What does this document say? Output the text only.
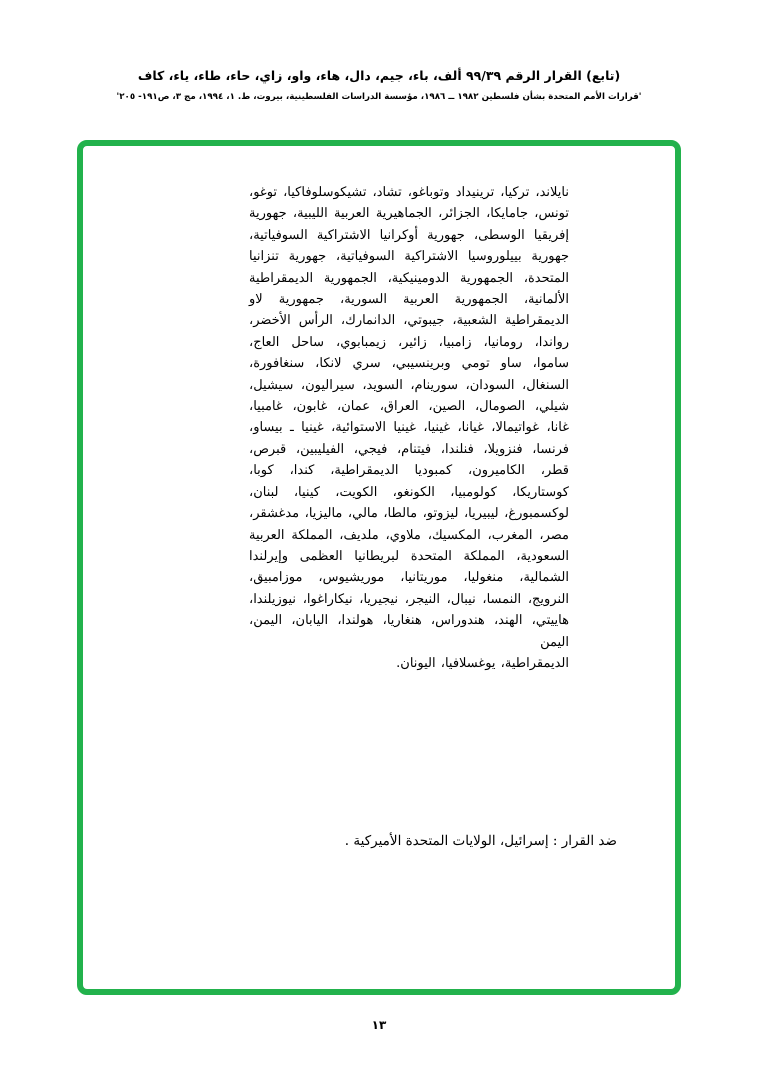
(تابع) القرار الرقم ٩٩/٣٩ ألف، باء، جيم، دال، هاء، واو، زاي، حاء، طاء، ياء، كاف
'قرارات الأمم المتحدة بشأن فلسطين ١٩٨٢ ــ ١٩٨٦، مؤسسة الدراسات الفلسطينية، بيروت، ط. ١، ١٩٩٤، مج ٣، ص١٩١- ٢٠٥'

نايلاند، تركيا، ترينيداد وتوباغو، تشاد، تشيكوسلوفاكيا، توغو، تونس، جامايكا، الجزائر، الجماهيرية العربية الليبية، جهورية إفريقيا الوسطى، جهورية أوكرانيا الاشتراكية السوفياتية، جهورية بييلوروسيا الاشتراكية السوفياتية، جهورية تنزانيا المتحدة، الجمهورية الدومينيكية، الجمهورية الديمقراطية الألمانية، الجمهورية العربية السورية، جمهورية لاو الديمقراطية الشعبية، جيبوتي، الدانمارك، الرأس الأخضر، رواندا، رومانيا، زامبيا، زائير، زيمبابوي، ساحل العاج، ساموا، ساو تومي وبرينسيبي، سري لانكا، سنغافورة، السنغال، السودان، سورينام، السويد، سيراليون، سيشيل، شيلي، الصومال، الصين، العراق، عمان، غابون، غامبيا، غانا، غواتيمالا، غيانا، غينيا، غينيا الاستوائية، غينيا ـ بيساو، فرنسا، فنزويلا، فنلندا، فيتنام، فيجي، الفيليبين، قبرص، قطر، الكاميرون، كمبوديا الديمقراطية، كندا، كوبا، كوستاريكا، كولومبيا، الكونغو، الكويت، كينيا، لبنان، لوكسمبورغ، ليبيريا، ليزوتو، مالطا، مالي، ماليزيا، مدغشقر، مصر، المغرب، المكسيك، ملاوي، ملديف، المملكة العربية السعودية، المملكة المتحدة لبريطانيا العظمى وإيرلندا الشمالية، منغوليا، موريتانيا، موريشيوس، موزامبيق، النرويج، النمسا، نيبال، النيجر، نيجيريا، نيكاراغوا، نيوزيلندا، هاييتي، الهند، هندوراس، هنغاريا، هولندا، اليابان، اليمن، اليمن

الديمقراطية، يوغسلافيا، اليونان.

ضد القرار : إسرائيل، الولايات المتحدة الأميركية .
١٣
